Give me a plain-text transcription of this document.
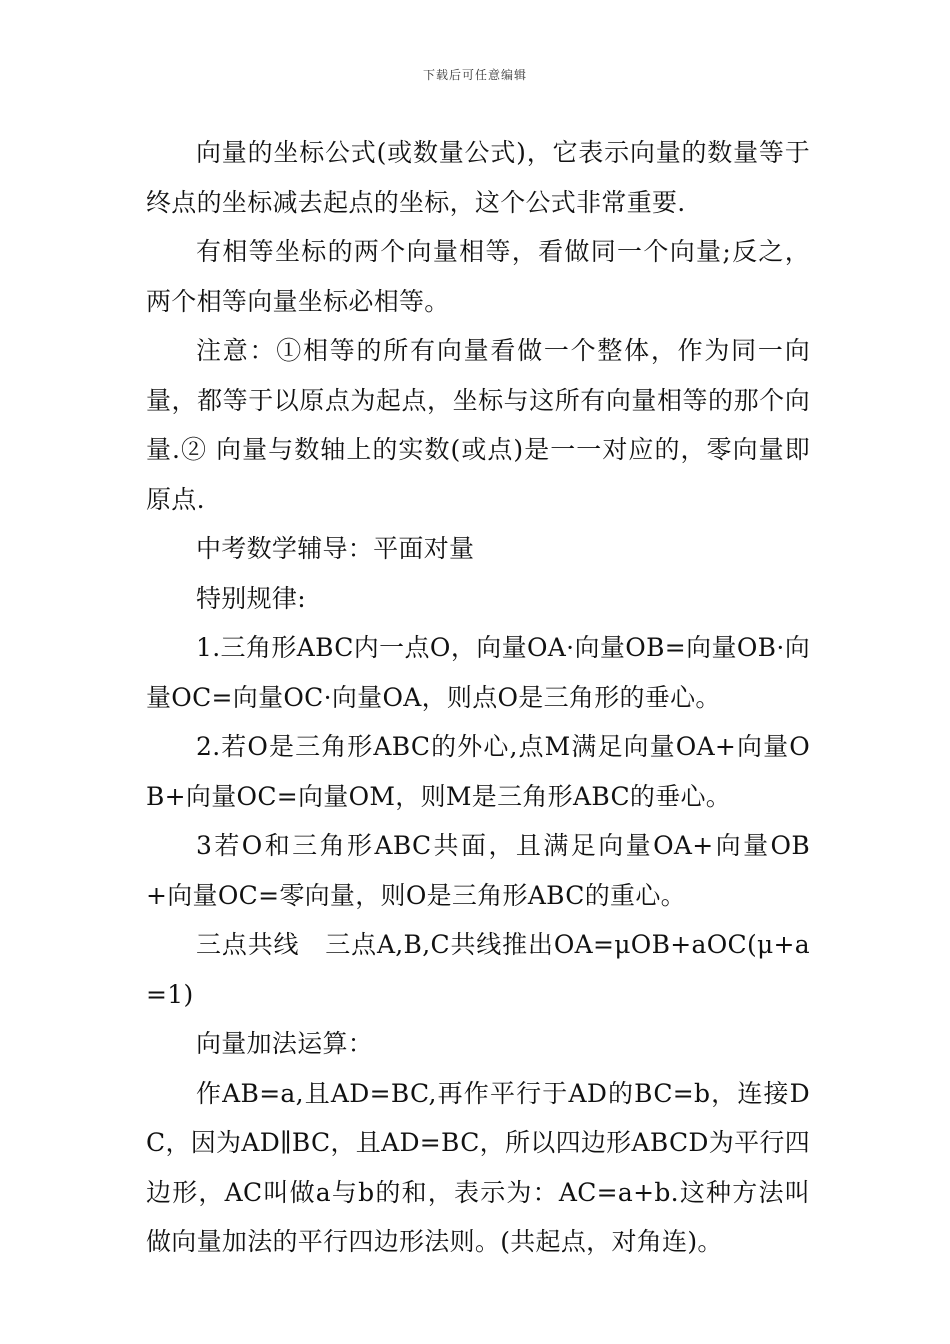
下载后可任意编辑

向量的坐标公式(或数量公式)，它表示向量的数量等于终点的坐标减去起点的坐标，这个公式非常重要.

有相等坐标的两个向量相等，看做同一个向量;反之，两个相等向量坐标必相等。

注意：①相等的所有向量看做一个整体，作为同一向量，都等于以原点为起点，坐标与这所有向量相等的那个向量.② 向量与数轴上的实数(或点)是一一对应的，零向量即原点.

中考数学辅导：平面对量

特别规律:

1.三角形ABC内一点O，向量OA·向量OB=向量OB·向量OC=向量OC·向量OA，则点O是三角形的垂心。

2.若O是三角形ABC的外心,点M满足向量OA+向量OB+向量OC=向量OM，则M是三角形ABC的垂心。

3若O和三角形ABC共面，且满足向量OA+向量OB+向量OC=零向量，则O是三角形ABC的重心。

三点共线　三点A,B,C共线推出OA=μOB+aOC(μ+a=1)

向量加法运算：

作AB=a,且AD=BC,再作平行于AD的BC=b，连接DC，因为AD∥BC，且AD=BC，所以四边形ABCD为平行四边形，AC叫做a与b的和，表示为：AC=a+b.这种方法叫做向量加法的平行四边形法则。(共起点，对角连)。
